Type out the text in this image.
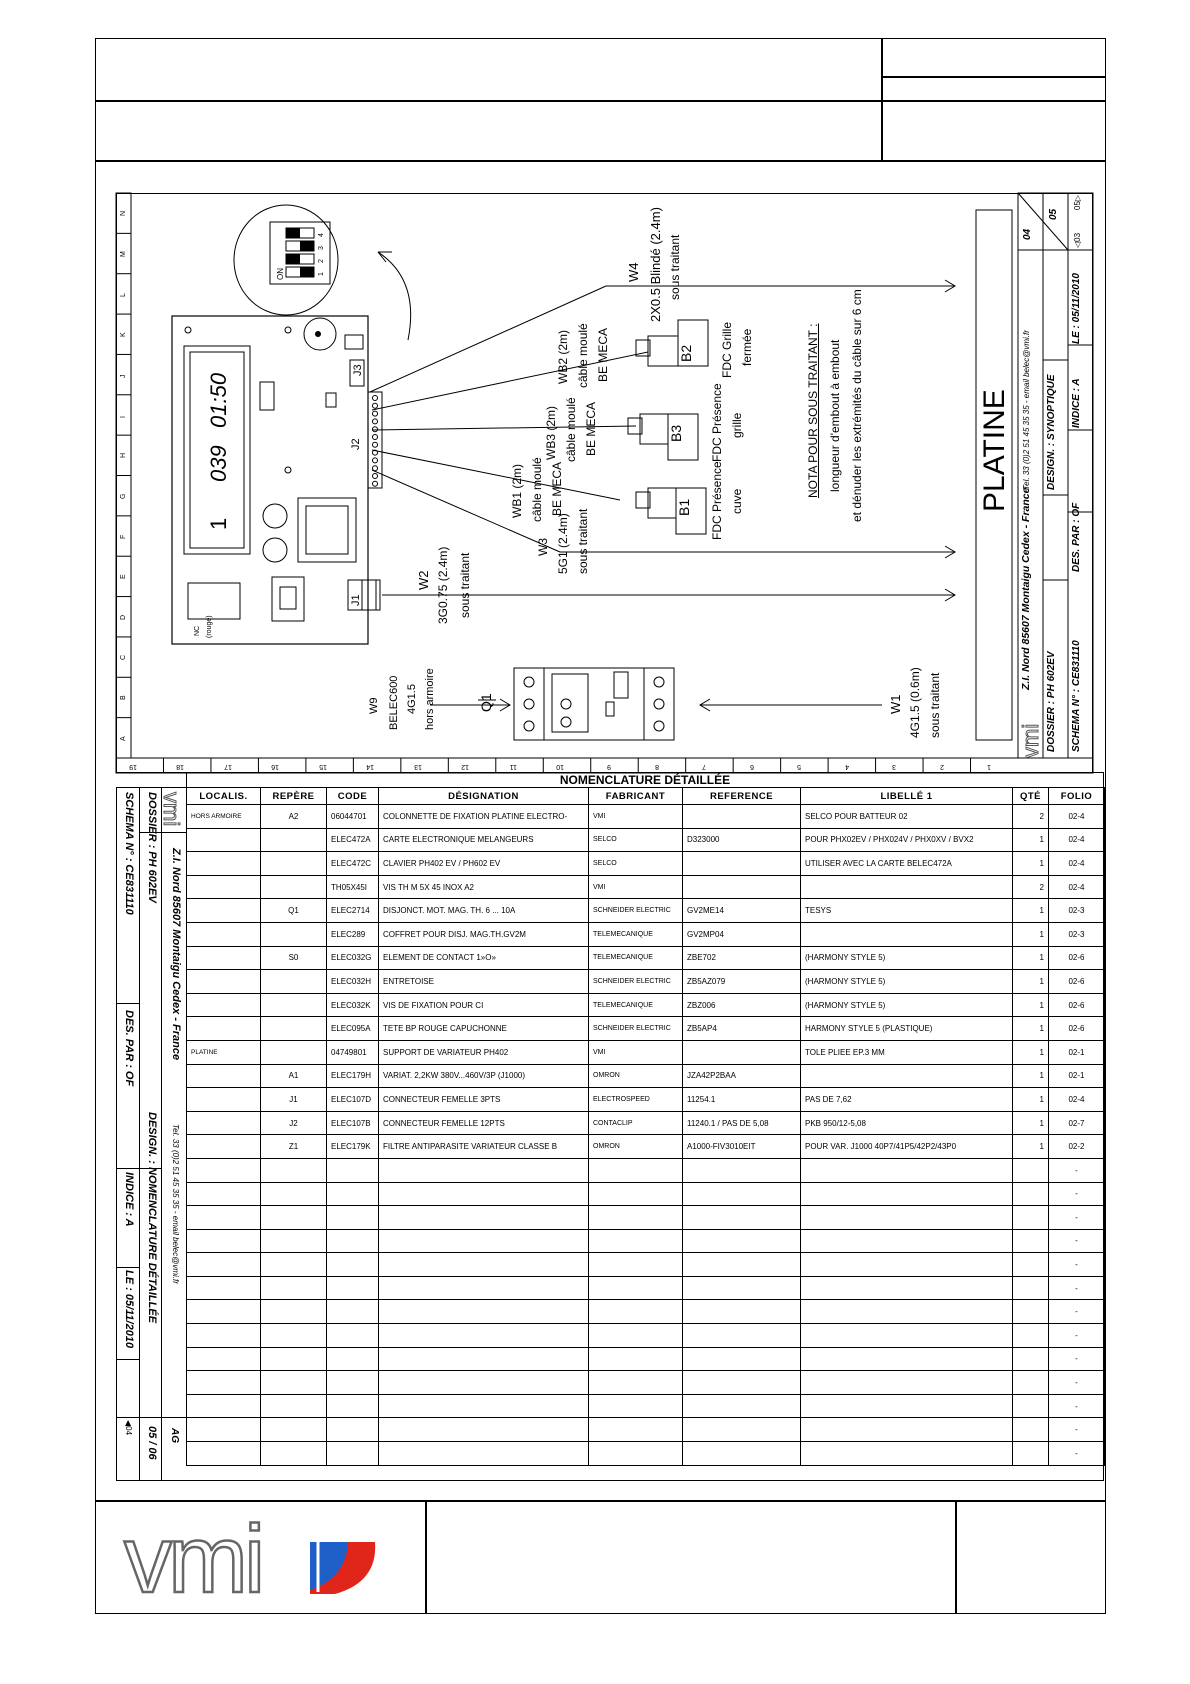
vmi
1
039
01:50
ON
NC (rouge)
J1
J2
J3
W4 2X0.5 Blindé (2.4m) sous traitant
WB2 (2m) câble moulé BE MECA
WB3 (2m) câble moulé BE MECA
WB1 (2m) câble moulé BE MECA
W3 5G1 (2.4m) sous traitant
W2 3G0.75 (2.4m) sous traitant
W9 BELEC600 4G1.5 hors armoire	W1 4G1.5 (0.6m) sous traitant
Q1
B2 FDC Grille fermée
B3 FDC Présence grille
B1 FDC Présence cuve
NOTA POUR SOUS TRAITANT : longueur d'embout à embout et dénuder les extrémités du câble sur 6 cm	PLATINE
Z.I. Nord 85607 Montaigu Cedex - France
Tel. 33 (0)2 51 45 35 35 - email belec@vmi.fr
DOSSIER : PH 602EV
DESIGN. : SYNOPTIQUE
SCHEMA N° : CE831110
DES. PAR : OF
INDICE : A
LE : 05/11/2010
04
05
◁03
05▷
vmi
A
B
C
D
E
F
G
H
I
J
K
L
M
N
1
2
3
4
5
6
7
8
9
10
11
12
13
14
15
16
17
18
19
4
3
2
1
NOMENCLATURE DÉTAILLÉE
SCHEMA N° : CE831110
DES. PAR : OF
INDICE : A
LE : 05/11/2010
◀04
DOSSIER : PH 602EV
DESIGN. : NOMENCLATURE DÉTAILLÉE
05 / 06
Z.I. Nord 85607 Montaigu Cedex - France
Tel. 33 (0)2 51 45 35 35 - email belec@vmi.fr
AG
vmi LOCALIS.	REPÈRE	CODE	DÉSIGNATION	FABRICANT	REFERENCE	LIBELLÉ 1	QTÉ	FOLIO
HORS ARMOIRE	A2	06044701	COLONNETTE DE FIXATION PLATINE ELECTRO-	VMI		SELCO POUR BATTEUR 02	2	02-4
		ELEC472A	CARTE ELECTRONIQUE MELANGEURS	SELCO	D323000	POUR PHX02EV / PHX024V / PHX0XV / BVX2	1	02-4
		ELEC472C	CLAVIER PH402 EV / PH602 EV	SELCO		UTILISER AVEC LA CARTE BELEC472A	1	02-4
		TH05X45I	VIS TH M 5X 45 INOX A2	VMI			2	02-4
	Q1	ELEC2714	DISJONCT. MOT. MAG. TH. 6 ... 10A	SCHNEIDER ELECTRIC	GV2ME14	TESYS	1	02-3
		ELEC289	COFFRET POUR DISJ. MAG.TH.GV2M	TELEMECANIQUE	GV2MP04		1	02-3
	S0	ELEC032G	ELEMENT DE CONTACT 1»O»	TELEMECANIQUE	ZBE702	(HARMONY STYLE 5)	1	02-6
		ELEC032H	ENTRETOISE	SCHNEIDER ELECTRIC	ZB5AZ079	(HARMONY STYLE 5)	1	02-6
		ELEC032K	VIS DE FIXATION POUR CI	TELEMECANIQUE	ZBZ006	(HARMONY STYLE 5)	1	02-6
		ELEC095A	TETE BP ROUGE CAPUCHONNE	SCHNEIDER ELECTRIC	ZB5AP4	HARMONY STYLE 5 (PLASTIQUE)	1	02-6
PLATINE		04749801	SUPPORT DE VARIATEUR PH402	VMI		TOLE PLIEE EP.3 MM	1	02-1
	A1	ELEC179H	VARIAT. 2,2KW 380V...460V/3P (J1000)	OMRON	JZA42P2BAA		1	02-1
	J1	ELEC107D	CONNECTEUR FEMELLE 3PTS	ELECTROSPEED	11254.1	PAS DE 7,62	1	02-4
	J2	ELEC107B	CONNECTEUR FEMELLE 12PTS	CONTACLIP	11240.1 / PAS DE 5,08	PKB 950/12-5,08	1	02-7
	Z1	ELEC179K	FILTRE ANTIPARASITE VARIATEUR CLASSE B	OMRON	A1000-FIV3010EIT	POUR VAR. J1000 40P7/41P5/42P2/43P0	1	02-2
								-
								-
								-
								-
								-
								-
								-
								-
								-
								-
								-
								-
								-
